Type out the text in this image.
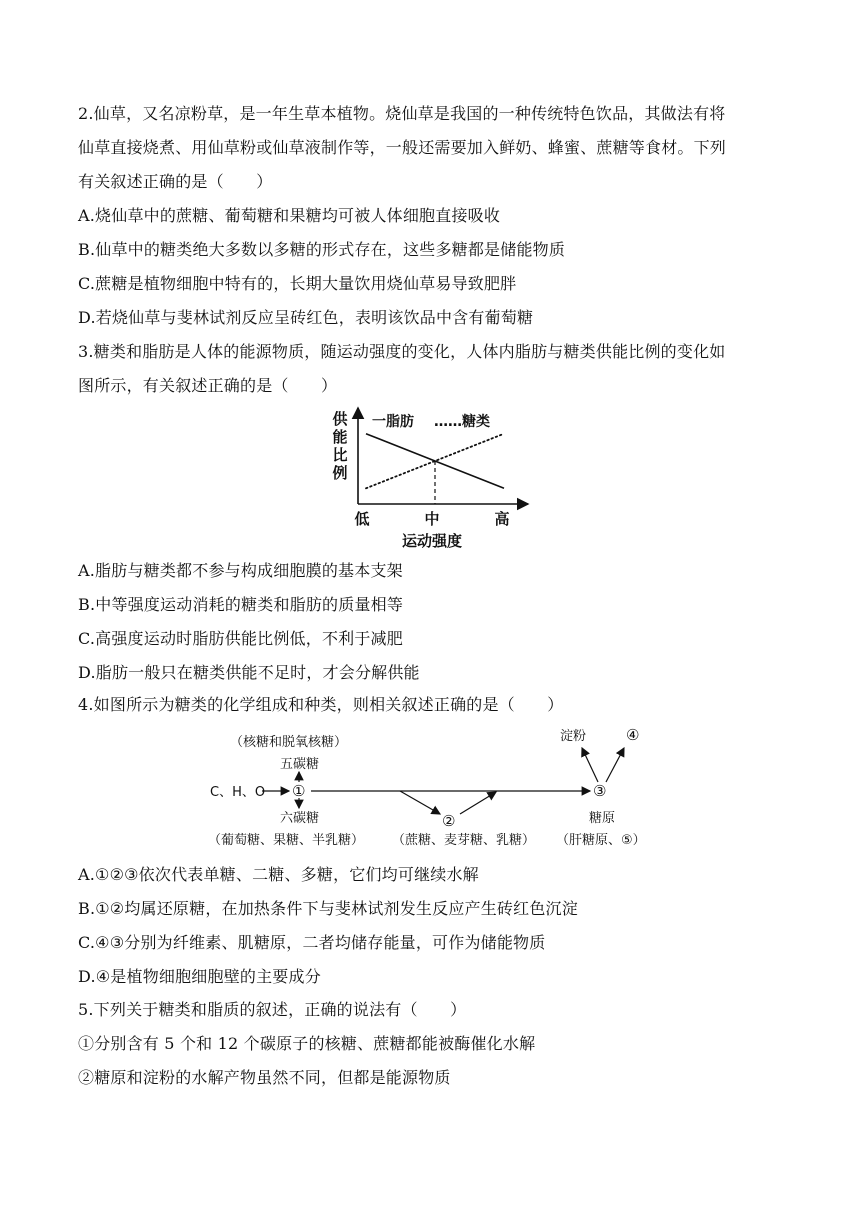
2.仙草，又名凉粉草，是一年生草本植物。烧仙草是我国的一种传统特色饮品，其做法有将
仙草直接烧煮、用仙草粉或仙草液制作等，一般还需要加入鲜奶、蜂蜜、蔗糖等食材。下列
有关叙述正确的是（　　）
A.烧仙草中的蔗糖、葡萄糖和果糖均可被人体细胞直接吸收
B.仙草中的糖类绝大多数以多糖的形式存在，这些多糖都是储能物质
C.蔗糖是植物细胞中特有的，长期大量饮用烧仙草易导致肥胖
D.若烧仙草与斐林试剂反应呈砖红色，表明该饮品中含有葡萄糖
3.糖类和脂肪是人体的能源物质，随运动强度的变化，人体内脂肪与糖类供能比例的变化如
图所示，有关叙述正确的是（　　）
供
能
比
例
一脂肪 ……糖类
低	中	高
运动强度
A.脂肪与糖类都不参与构成细胞膜的基本支架
B.中等强度运动消耗的糖类和脂肪的质量相等
C.高强度运动时脂肪供能比例低，不利于减肥
D.脂肪一般只在糖类供能不足时，才会分解供能
4.如图所示为糖类的化学组成和种类，则相关叙述正确的是（　　）
（核糖和脱氧核糖）
五碳糖
C、H、O ①
六碳糖
（葡萄糖、果糖、半乳糖）
②
（蔗糖、麦芽糖、乳糖）
淀粉	④
③
糖原
（肝糖原、⑤）
A.①②③依次代表单糖、二糖、多糖，它们均可继续水解
B.①②均属还原糖，在加热条件下与斐林试剂发生反应产生砖红色沉淀
C.④③分别为纤维素、肌糖原，二者均储存能量，可作为储能物质
D.④是植物细胞细胞壁的主要成分
5.下列关于糖类和脂质的叙述，正确的说法有（　　）
①分别含有 5 个和 12 个碳原子的核糖、蔗糖都能被酶催化水解
②糖原和淀粉的水解产物虽然不同，但都是能源物质
